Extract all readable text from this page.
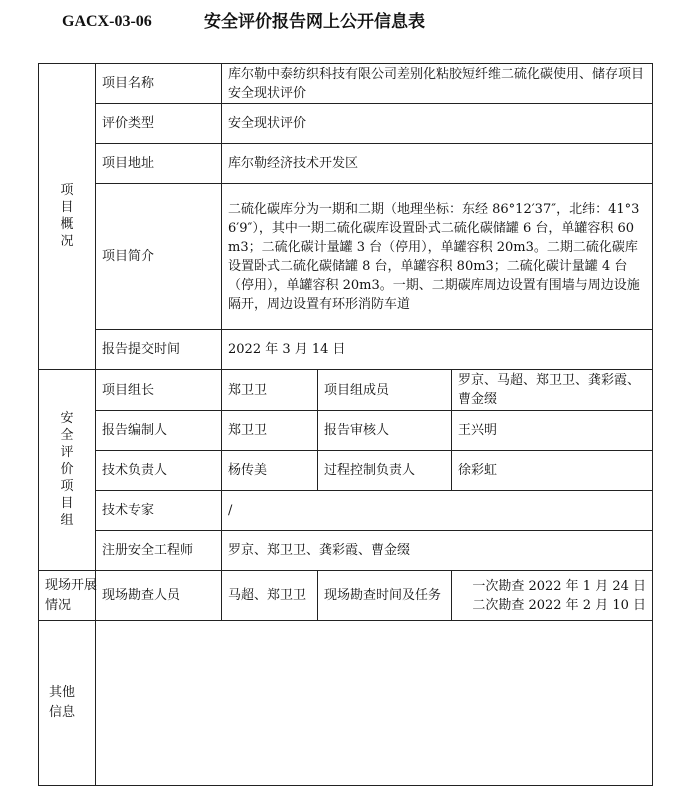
GACX-03-06	安全评价报告网上公开信息表
项目概况	项目名称	库尔勒中泰纺织科技有限公司差别化粘胶短纤维二硫化碳使用、储存项目安全现状评价		
	评价类型	安全现状评价		
	项目地址	库尔勒经济技术开发区		
	项目简介	二硫化碳库分为一期和二期（地理坐标：东经 86°12′37″，北纬：41°36′9″），其中一期二硫化碳库设置卧式二硫化碳储罐 6 台，单罐容积 60m3；二硫化碳计量罐 3 台（停用），单罐容积 20m3。二期二硫化碳库设置卧式二硫化碳储罐 8 台，单罐容积 80m3；二硫化碳计量罐 4 台（停用），单罐容积 20m3。一期、二期碳库周边设置有围墙与周边设施隔开，周边设置有环形消防车道		
	报告提交时间	2022 年 3 月 14 日		
安全评价项目组	项目组长	郑卫卫	项目组成员	罗京、马超、郑卫卫、龚彩霞、曹金缀
	报告编制人	郑卫卫	报告审核人	王兴明
	技术负责人	杨传美	过程控制负责人	徐彩虹
	技术专家	/		
	注册安全工程师	罗京、郑卫卫、龚彩霞、曹金缀		
现场开展情况	现场勘查人员	马超、郑卫卫	现场勘查时间及任务	一次勘查 2022 年 1 月 24 日
二次勘查 2022 年 2 月 10 日

其他信息				
